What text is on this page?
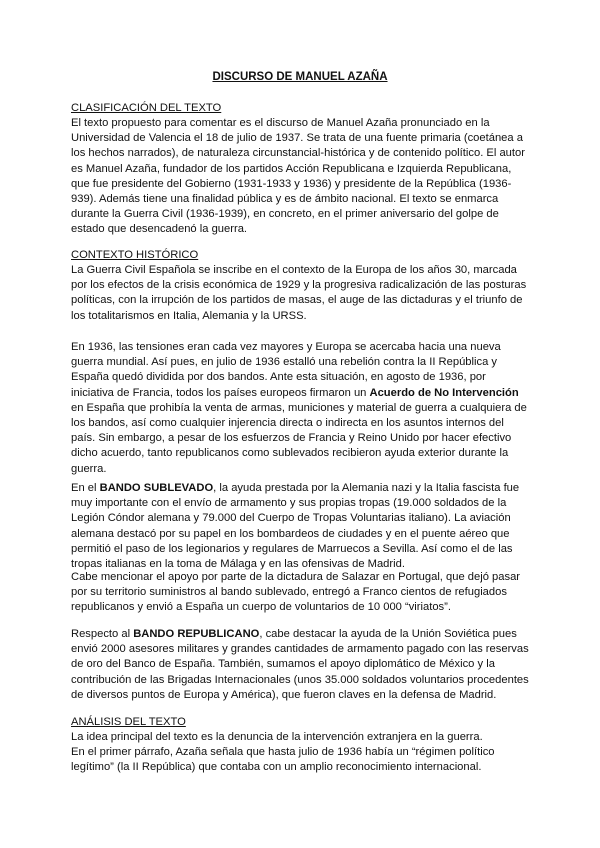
DISCURSO DE MANUEL AZAÑA
CLASIFICACIÓN DEL TEXTO
El texto propuesto para comentar es el discurso de Manuel Azaña pronunciado en la Universidad de Valencia el 18 de julio de 1937. Se trata de una fuente primaria (coetánea a los hechos narrados), de naturaleza circunstancial-histórica y de contenido político. El autor es Manuel Azaña, fundador de los partidos Acción Republicana e Izquierda Republicana, que fue presidente del Gobierno (1931-1933 y 1936) y presidente de la República (1936-939). Además tiene una finalidad pública y es de ámbito nacional. El texto se enmarca durante la Guerra Civil (1936-1939), en concreto, en el primer aniversario del golpe de estado que desencadenó la guerra.
CONTEXTO HISTÓRICO
La Guerra Civil Española se inscribe en el contexto de la Europa de los años 30, marcada por los efectos de la crisis económica de 1929 y la progresiva radicalización de las posturas políticas, con la irrupción de los partidos de masas, el auge de las dictaduras y el triunfo de los totalitarismos en Italia, Alemania y la URSS.
En 1936, las tensiones eran cada vez mayores y Europa se acercaba hacia una nueva guerra mundial. Así pues, en julio de 1936 estalló una rebelión contra la II República y España quedó dividida por dos bandos. Ante esta situación, en agosto de 1936, por iniciativa de Francia, todos los países europeos firmaron un Acuerdo de No Intervención en España que prohibía la venta de armas, municiones y material de guerra a cualquiera de los bandos, así como cualquier injerencia directa o indirecta en los asuntos internos del país. Sin embargo, a pesar de los esfuerzos de Francia y Reino Unido por hacer efectivo dicho acuerdo, tanto republicanos como sublevados recibieron ayuda exterior durante la guerra.
En el BANDO SUBLEVADO, la ayuda prestada por la Alemania nazi y la Italia fascista fue muy importante con el envío de armamento y sus propias tropas (19.000 soldados de la Legión Cóndor alemana y 79.000 del Cuerpo de Tropas Voluntarias italiano). La aviación alemana destacó por su papel en los bombardeos de ciudades y en el puente aéreo que permitió el paso de los legionarios y regulares de Marruecos a Sevilla. Así como el de las tropas italianas en la toma de Málaga y en las ofensivas de Madrid.
Cabe mencionar el apoyo por parte de la dictadura de Salazar en Portugal, que dejó pasar por su territorio suministros al bando sublevado, entregó a Franco cientos de refugiados republicanos y envió a España un cuerpo de voluntarios de 10 000 “viriatos”.
Respecto al BANDO REPUBLICANO, cabe destacar la ayuda de la Unión Soviética pues envió 2000 asesores militares y grandes cantidades de armamento pagado con las reservas de oro del Banco de España. También, sumamos el apoyo diplomático de México y la contribución de las Brigadas Internacionales (unos 35.000 soldados voluntarios procedentes de diversos puntos de Europa y América), que fueron claves en la defensa de Madrid.
ANÁLISIS DEL TEXTO
La idea principal del texto es la denuncia de la intervención extranjera en la guerra.
En el primer párrafo, Azaña señala que hasta julio de 1936 había un “régimen político legítimo” (la II República) que contaba con un amplio reconocimiento internacional.
